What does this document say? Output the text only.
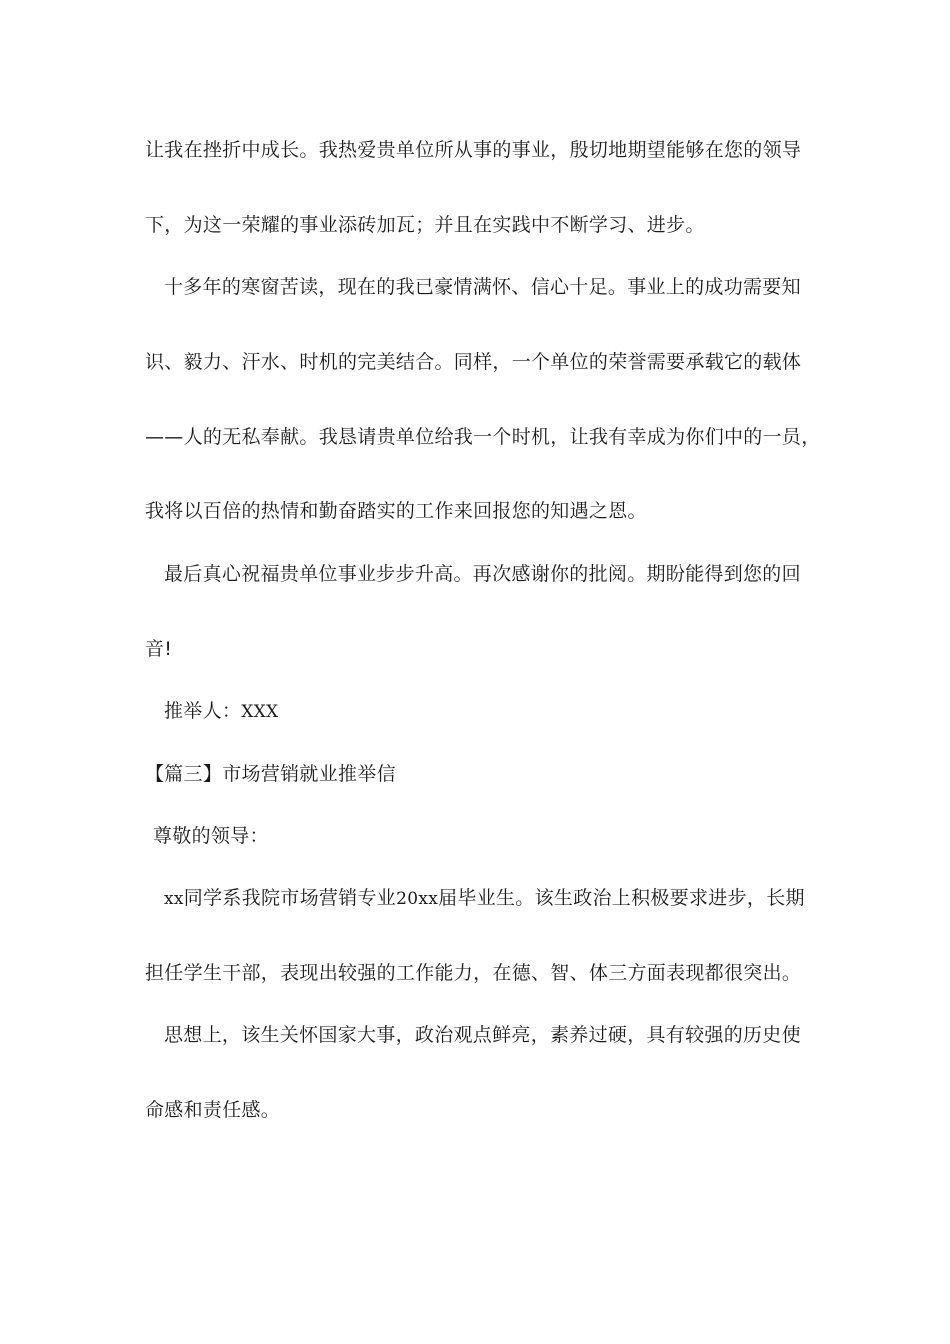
让我在挫折中成长。我热爱贵单位所从事的事业，殷切地期望能够在您的领导
下，为这一荣耀的事业添砖加瓦；并且在实践中不断学习、进步。
十多年的寒窗苦读，现在的我已豪情满怀、信心十足。事业上的成功需要知
识、毅力、汗水、时机的完美结合。同样，一个单位的荣誉需要承载它的载体
——人的无私奉献。我恳请贵单位给我一个时机，让我有幸成为你们中的一员，
我将以百倍的热情和勤奋踏实的工作来回报您的知遇之恩。
最后真心祝福贵单位事业步步升高。再次感谢你的批阅。期盼能得到您的回
音!
推举人：XXX
【篇三】市场营销就业推举信
尊敬的领导：
xx同学系我院市场营销专业20xx届毕业生。该生政治上积极要求进步，长期
担任学生干部，表现出较强的工作能力，在德、智、体三方面表现都很突出。
思想上，该生关怀国家大事，政治观点鲜亮，素养过硬，具有较强的历史使
命感和责任感。
